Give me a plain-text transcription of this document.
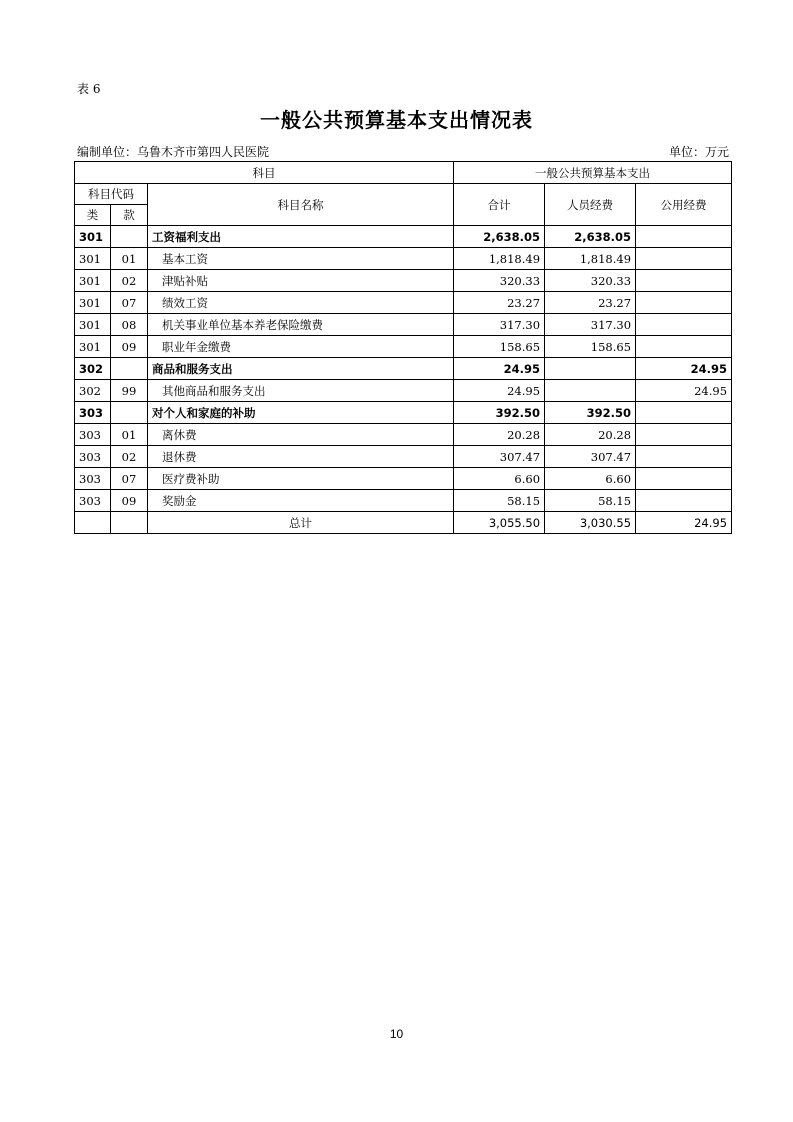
表 6
一般公共预算基本支出情况表
编制单位：乌鲁木齐市第四人民医院	单位：万元
科目			一般公共预算基本支出		
科目代码		科目名称	合计	人员经费	公用经费
类	款				
301		工资福利支出	2,638.05	2,638.05	
301	01	基本工资	1,818.49	1,818.49	
301	02	津贴补贴	320.33	320.33	
301	07	绩效工资	23.27	23.27	
301	08	机关事业单位基本养老保险缴费	317.30	317.30	
301	09	职业年金缴费	158.65	158.65	
302		商品和服务支出	24.95		24.95
302	99	其他商品和服务支出	24.95		24.95
303		对个人和家庭的补助	392.50	392.50	
303	01	离休费	20.28	20.28	
303	02	退休费	307.47	307.47	
303	07	医疗费补助	6.60	6.60	
303	09	奖励金	58.15	58.15	
		总计	3,055.50	3,030.55	24.95
10
